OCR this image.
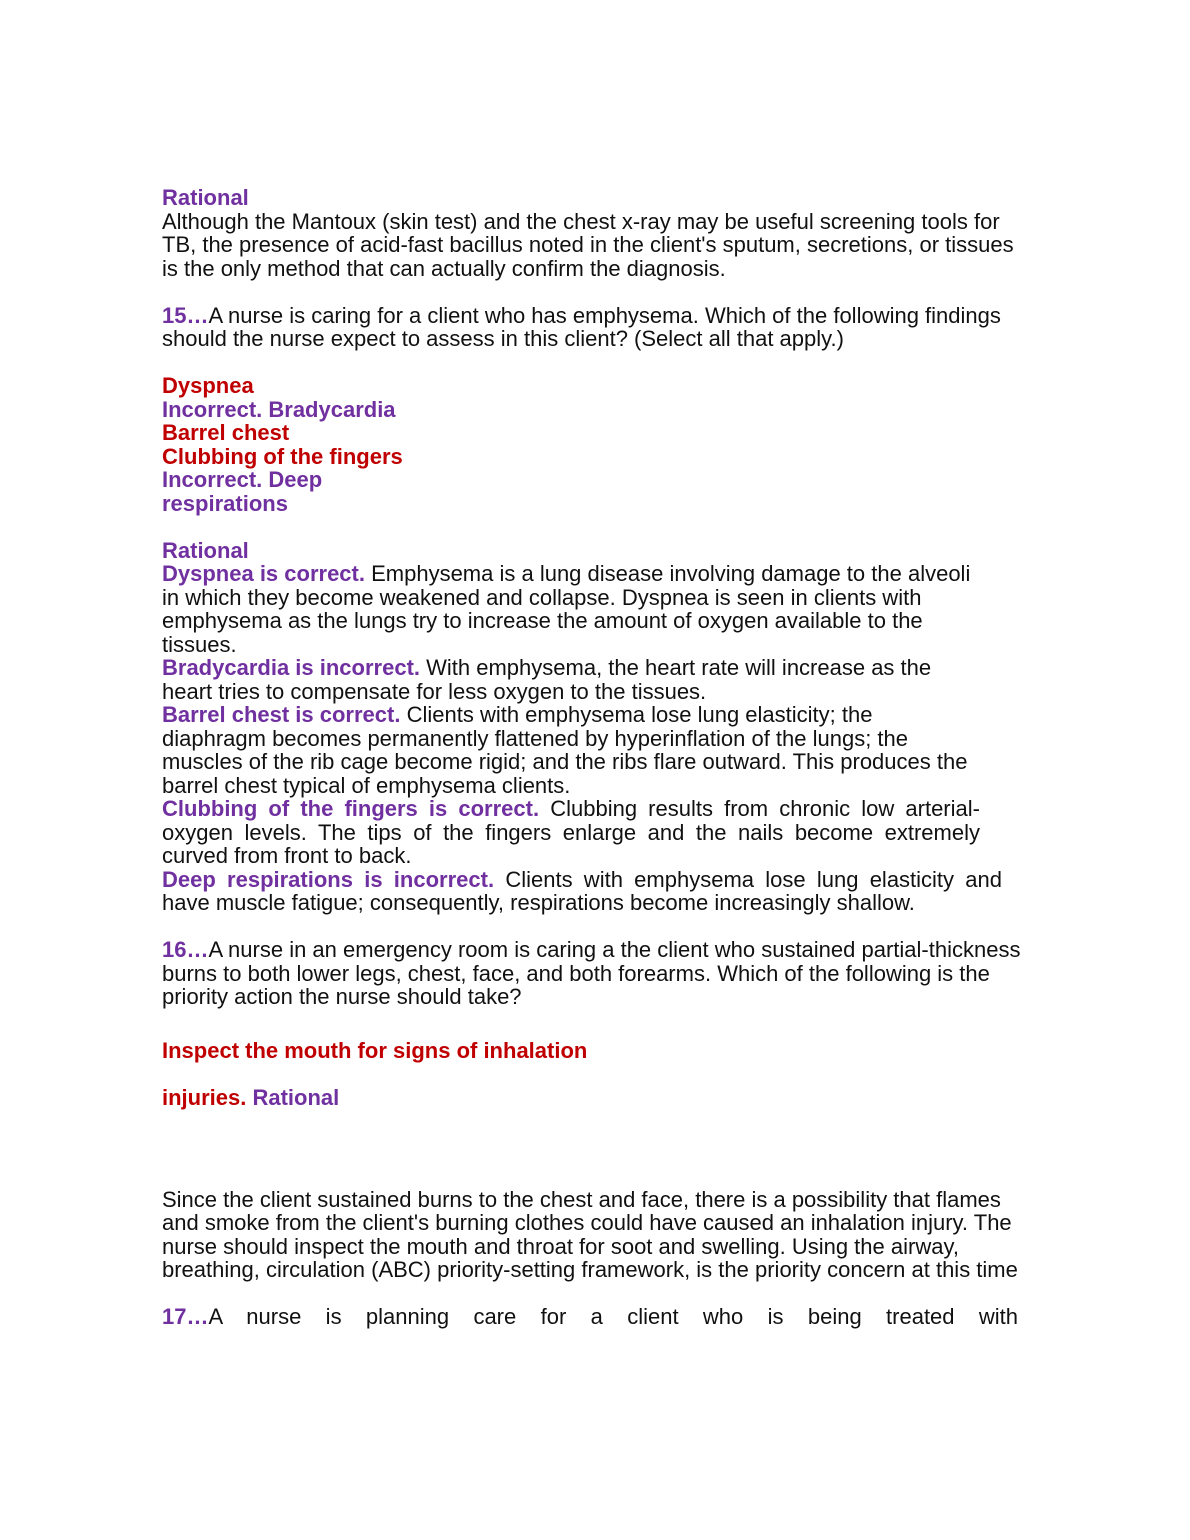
Rational

Although the Mantoux (skin test) and the chest x-ray may be useful screening tools for TB, the presence of acid-fast bacillus noted in the client's sputum, secretions, or tissues is the only method that can actually confirm the diagnosis.

15…A nurse is caring for a client who has emphysema. Which of the following findings should the nurse expect to assess in this client? (Select all that apply.)

Dyspnea
Incorrect. Bradycardia
Barrel chest
Clubbing of the fingers
Incorrect. Deep respirations

Rational

Dyspnea is correct. Emphysema is a lung disease involving damage to the alveoli in which they become weakened and collapse. Dyspnea is seen in clients with emphysema as the lungs try to increase the amount of oxygen available to the tissues.

Bradycardia is incorrect. With emphysema, the heart rate will increase as the heart tries to compensate for less oxygen to the tissues.

Barrel chest is correct. Clients with emphysema lose lung elasticity; the diaphragm becomes permanently flattened by hyperinflation of the lungs; the muscles of the rib cage become rigid; and the ribs flare outward. This produces the barrel chest typical of emphysema clients.

Clubbing of the fingers is correct. Clubbing results from chronic low arterial- oxygen levels. The tips of the fingers enlarge and the nails become extremely curved from front to back.

Deep respirations is incorrect. Clients with emphysema lose lung elasticity and have muscle fatigue; consequently, respirations become increasingly shallow.

16…A nurse in an emergency room is caring a the client who sustained partial-thickness burns to both lower legs, chest, face, and both forearms. Which of the following is the priority action the nurse should take?

Inspect the mouth for signs of inhalation

injuries. Rational

Since the client sustained burns to the chest and face, there is a possibility that flames and smoke from the client's burning clothes could have caused an inhalation injury. The nurse should inspect the mouth and throat for soot and swelling. Using the airway, breathing, circulation (ABC) priority-setting framework, is the priority concern at this time

17…A nurse is planning care for a client who is being treated with
